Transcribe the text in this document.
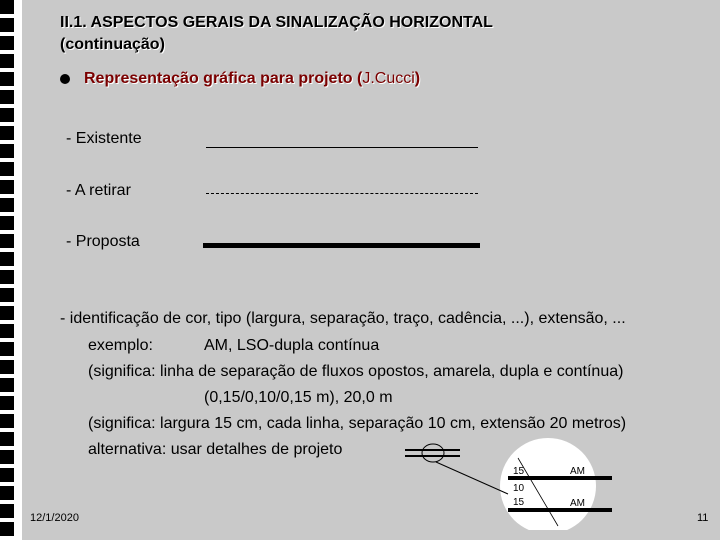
II.1. ASPECTOS GERAIS DA SINALIZAÇÃO HORIZONTAL
(continuação)
Representação gráfica para projeto (J.Cucci)
- Existente
- A retirar
- Proposta
- identificação de cor, tipo (largura, separação, traço, cadência, ...), extensão, ...
exemplo:	AM, LSO-dupla contínua
(significa: linha de separação de fluxos opostos, amarela, dupla e contínua)
(0,15/0,10/0,15 m), 20,0 m
(significa: largura 15 cm, cada linha, separação 10 cm, extensão 20 metros)
alternativa: usar detalhes de projeto
15
10
15
AM
AM
12/1/2020	11
